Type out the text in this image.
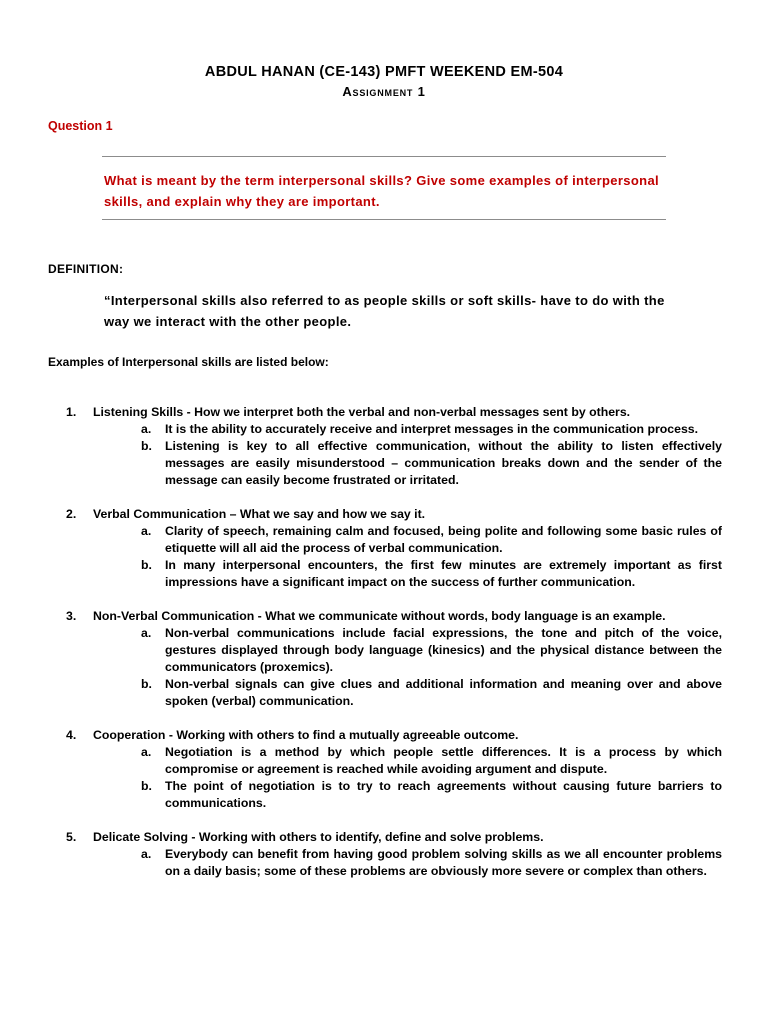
ABDUL HANAN (CE-143) PMFT WEEKEND EM-504
Assignment 1
Question 1
What is meant by the term interpersonal skills? Give some examples of interpersonal skills, and explain why they are important.
DEFINITION:
“Interpersonal skills also referred to as people skills or soft skills- have to do with the way we interact with the other people.
Examples of Interpersonal skills are listed below:
1.	Listening Skills - How we interpret both the verbal and non-verbal messages sent by others.
a. It is the ability to accurately receive and interpret messages in the communication process.
b. Listening is key to all effective communication, without the ability to listen effectively messages are easily misunderstood – communication breaks down and the sender of the message can easily become frustrated or irritated.
2.	Verbal Communication – What we say and how we say it.
a. Clarity of speech, remaining calm and focused, being polite and following some basic rules of etiquette will all aid the process of verbal communication.
b. In many interpersonal encounters, the first few minutes are extremely important as first impressions have a significant impact on the success of further communication.
3.	Non-Verbal Communication - What we communicate without words, body language is an example.
a. Non-verbal communications include facial expressions, the tone and pitch of the voice, gestures displayed through body language (kinesics) and the physical distance between the communicators (proxemics).
b. Non-verbal signals can give clues and additional information and meaning over and above spoken (verbal) communication.
4.	Cooperation - Working with others to find a mutually agreeable outcome.
a. Negotiation is a method by which people settle differences. It is a process by which compromise or agreement is reached while avoiding argument and dispute.
b. The point of negotiation is to try to reach agreements without causing future barriers to communications.
5.	Delicate Solving - Working with others to identify, define and solve problems.
a. Everybody can benefit from having good problem solving skills as we all encounter problems on a daily basis; some of these problems are obviously more severe or complex than others.
